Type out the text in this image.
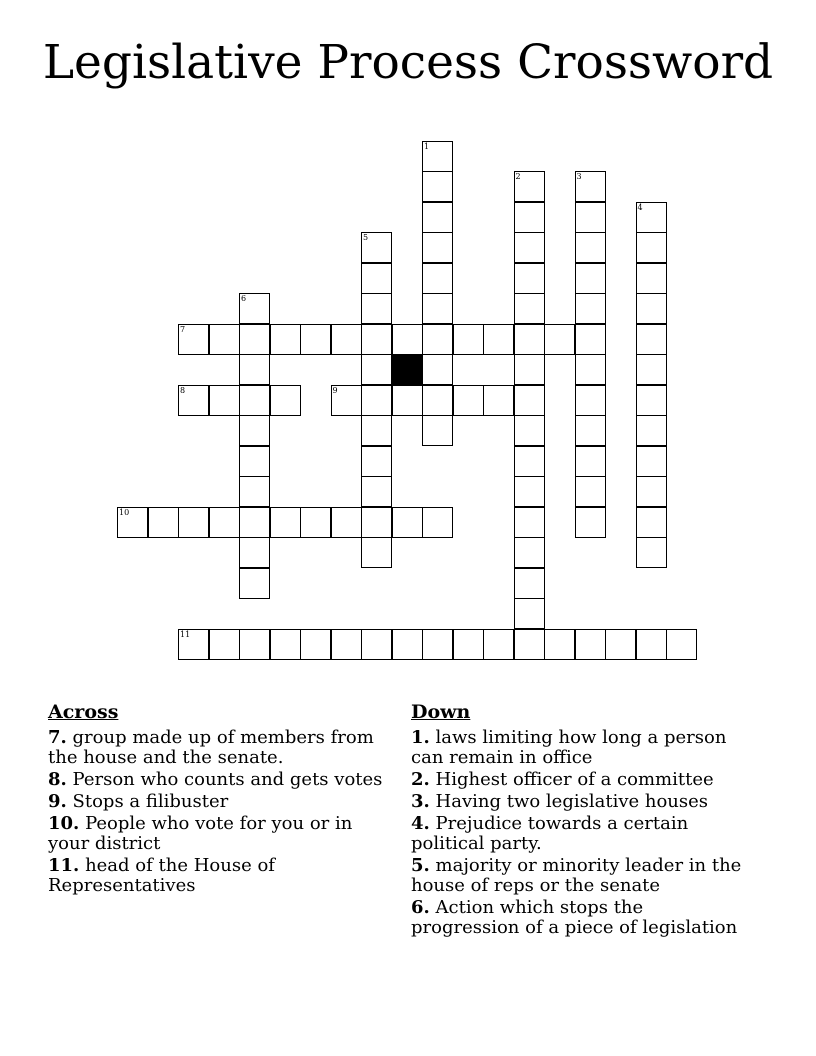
Legislative Process Crossword
1
2	3
4
5
6
7
8	9
10
11
Across
7. group made up of members from the house and the senate.
8. Person who counts and gets votes
9. Stops a filibuster
10. People who vote for you or in your district
11. head of the House of Representatives
Down
1. laws limiting how long a person can remain in office
2. Highest officer of a committee
3. Having two legislative houses
4. Prejudice towards a certain political party.
5. majority or minority leader in the house of reps or the senate
6. Action which stops the progression of a piece of legislation
